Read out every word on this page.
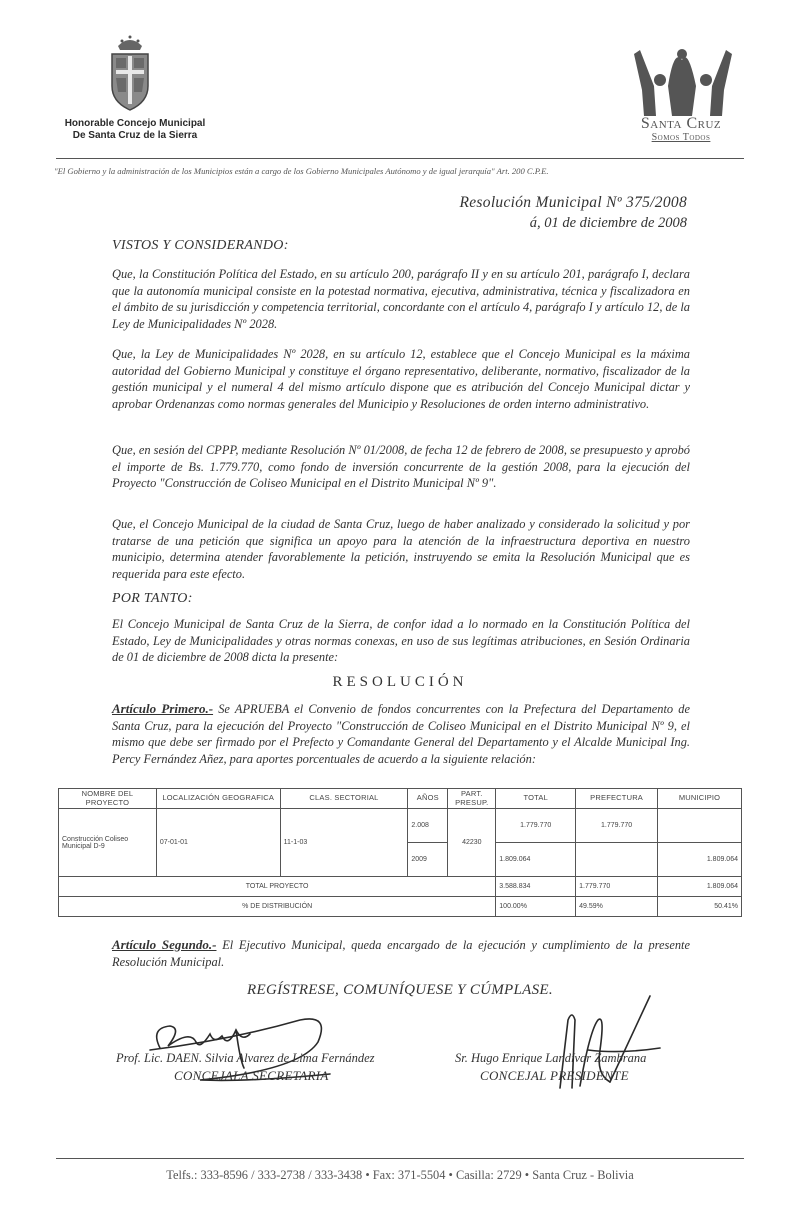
Honorable Concejo Municipal
De Santa Cruz de la Sierra
Santa Cruz
Somos Todos
"El Gobierno y la administración de los Municipios están a cargo de los Gobierno Municipales Autónomo y de igual jerarquía" Art. 200 C.P.E.
Resolución Municipal Nº 375/2008
á, 01 de diciembre de 2008
VISTOS Y CONSIDERANDO:
Que, la Constitución Política del Estado, en su artículo 200, parágrafo II y en su artículo 201, parágrafo I, declara que la autonomía municipal consiste en la potestad normativa, ejecutiva, administrativa, técnica y fiscalizadora en el ámbito de su jurisdicción y competencia territorial, concordante con el artículo 4, parágrafo I y artículo 12, de la Ley de Municipalidades Nº 2028.
Que, la Ley de Municipalidades Nº 2028, en su artículo 12, establece que el Concejo Municipal es la máxima autoridad del Gobierno Municipal y constituye el órgano representativo, deliberante, normativo, fiscalizador de la gestión municipal y el numeral 4 del mismo artículo dispone que es atribución del Concejo Municipal dictar y aprobar Ordenanzas como normas generales del Municipio y Resoluciones de orden interno administrativo.
Que, en sesión del CPPP, mediante Resolución Nº 01/2008, de fecha 12 de febrero de 2008, se presupuesto y aprobó el importe de Bs. 1.779.770, como fondo de inversión concurrente de la gestión 2008, para la ejecución del Proyecto "Construcción de Coliseo Municipal en el Distrito Municipal Nº 9".
Que, el Concejo Municipal de la ciudad de Santa Cruz, luego de haber analizado y considerado la solicitud y por tratarse de una petición que significa un apoyo para la atención de la infraestructura deportiva en nuestro municipio, determina atender favorablemente la petición, instruyendo se emita la Resolución Municipal que es requerida para este efecto.
POR TANTO:
El Concejo Municipal de Santa Cruz de la Sierra, de confor idad a lo normado en la Constitución Política del Estado, Ley de Municipalidades y otras normas conexas, en uso de sus legítimas atribuciones, en Sesión Ordinaria de 01 de diciembre de 2008 dicta la presente:
RESOLUCIÓN
Artículo Primero.- Se APRUEBA el Convenio de fondos concurrentes con la Prefectura del Departamento de Santa Cruz, para la ejecución del Proyecto "Construcción de Coliseo Municipal en el Distrito Municipal Nº 9, el mismo que debe ser firmado por el Prefecto y Comandante General del Departamento y el Alcalde Municipal Ing. Percy Fernández Añez, para aportes porcentuales de acuerdo a la siguiente relación:
NOMBRE DEL PROYECTO	LOCALIZACIÓN GEOGRAFICA	CLAS. SECTORIAL	AÑOS	PART. PRESUP.	TOTAL	PREFECTURA	MUNICIPIO
Construcción Coliseo Municipal D-9	07-01-01	11-1-03	2.008	42230	1.779.770	1.779.770	
			2009		1.809.064		1.809.064
TOTAL PROYECTO					3.588.834	1.779.770	1.809.064
% DE DISTRIBUCIÓN					100.00%	49.59%	50.41%
Artículo Segundo.- El Ejecutivo Municipal, queda encargado de la ejecución y cumplimiento de la presente Resolución Municipal.
REGÍSTRESE, COMUNÍQUESE Y CÚMPLASE.
Prof. Lic. DAEN. Silvia Alvarez de Lima Fernández
CONCEJALA SECRETARIA
Sr. Hugo Enrique Landívar Zambrana
CONCEJAL PRESIDENTE
Telfs.: 333-8596 / 333-2738 / 333-3438 • Fax: 371-5504 • Casilla: 2729 • Santa Cruz - Bolivia
